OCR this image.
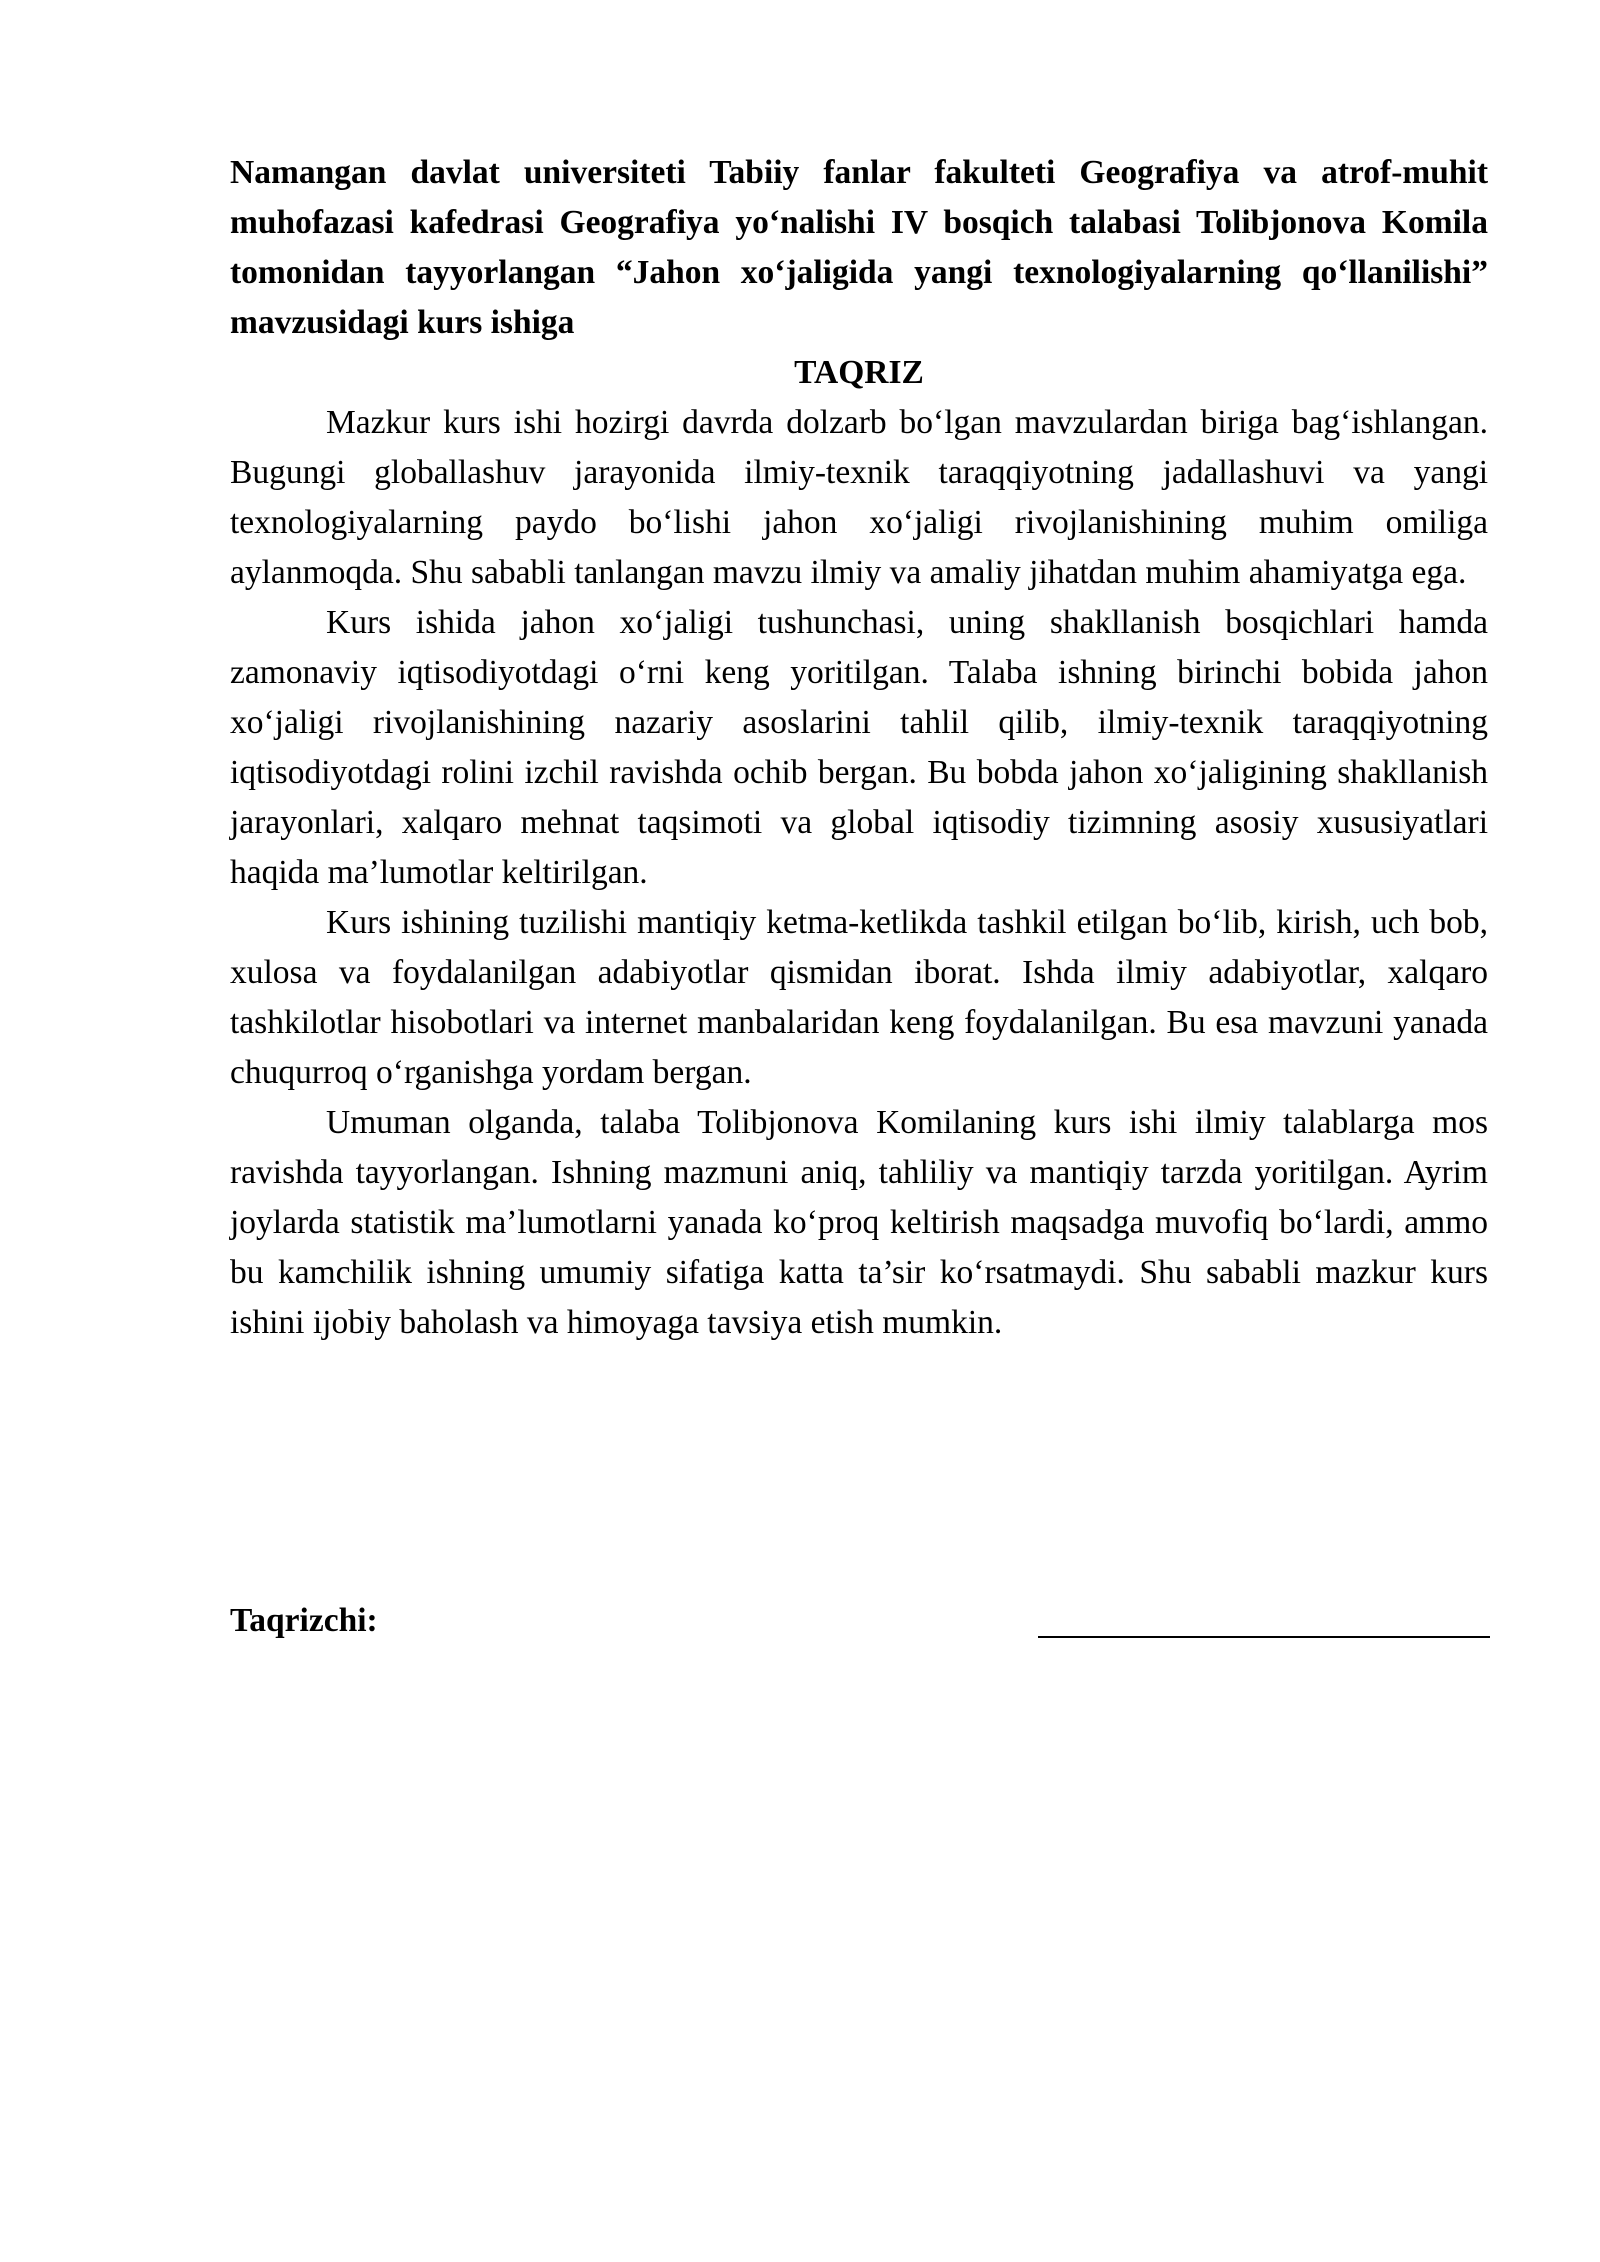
Namangan davlat universiteti Tabiiy fanlar fakulteti Geografiya va atrof-muhit muhofazasi kafedrasi Geografiya yo‘nalishi IV bosqich talabasi Tolibjonova Komila tomonidan tayyorlangan “Jahon xo‘jaligida yangi texnologiyalarning qo‘llanilishi” mavzusidagi kurs ishiga

TAQRIZ

Mazkur kurs ishi hozirgi davrda dolzarb bo‘lgan mavzulardan biriga bag‘ishlangan. Bugungi globallashuv jarayonida ilmiy-texnik taraqqiyotning jadallashuvi va yangi texnologiyalarning paydo bo‘lishi jahon xo‘jaligi rivojlanishining muhim omiliga aylanmoqda. Shu sababli tanlangan mavzu ilmiy va amaliy jihatdan muhim ahamiyatga ega.

Kurs ishida jahon xo‘jaligi tushunchasi, uning shakllanish bosqichlari hamda zamonaviy iqtisodiyotdagi o‘rni keng yoritilgan. Talaba ishning birinchi bobida jahon xo‘jaligi rivojlanishining nazariy asoslarini tahlil qilib, ilmiy-texnik taraqqiyotning iqtisodiyotdagi rolini izchil ravishda ochib bergan. Bu bobda jahon xo‘jaligining shakllanish jarayonlari, xalqaro mehnat taqsimoti va global iqtisodiy tizimning asosiy xususiyatlari haqida ma’lumotlar keltirilgan.

Kurs ishining tuzilishi mantiqiy ketma-ketlikda tashkil etilgan bo‘lib, kirish, uch bob, xulosa va foydalanilgan adabiyotlar qismidan iborat. Ishda ilmiy adabiyotlar, xalqaro tashkilotlar hisobotlari va internet manbalaridan keng foydalanilgan. Bu esa mavzuni yanada chuqurroq o‘rganishga yordam bergan.

Umuman olganda, talaba Tolibjonova Komilaning kurs ishi ilmiy talablarga mos ravishda tayyorlangan. Ishning mazmuni aniq, tahliliy va mantiqiy tarzda yoritilgan. Ayrim joylarda statistik ma’lumotlarni yanada ko‘proq keltirish maqsadga muvofiq bo‘lardi, ammo bu kamchilik ishning umumiy sifatiga katta ta’sir ko‘rsatmaydi. Shu sababli mazkur kurs ishini ijobiy baholash va himoyaga tavsiya etish mumkin.

Taqrizchi:
